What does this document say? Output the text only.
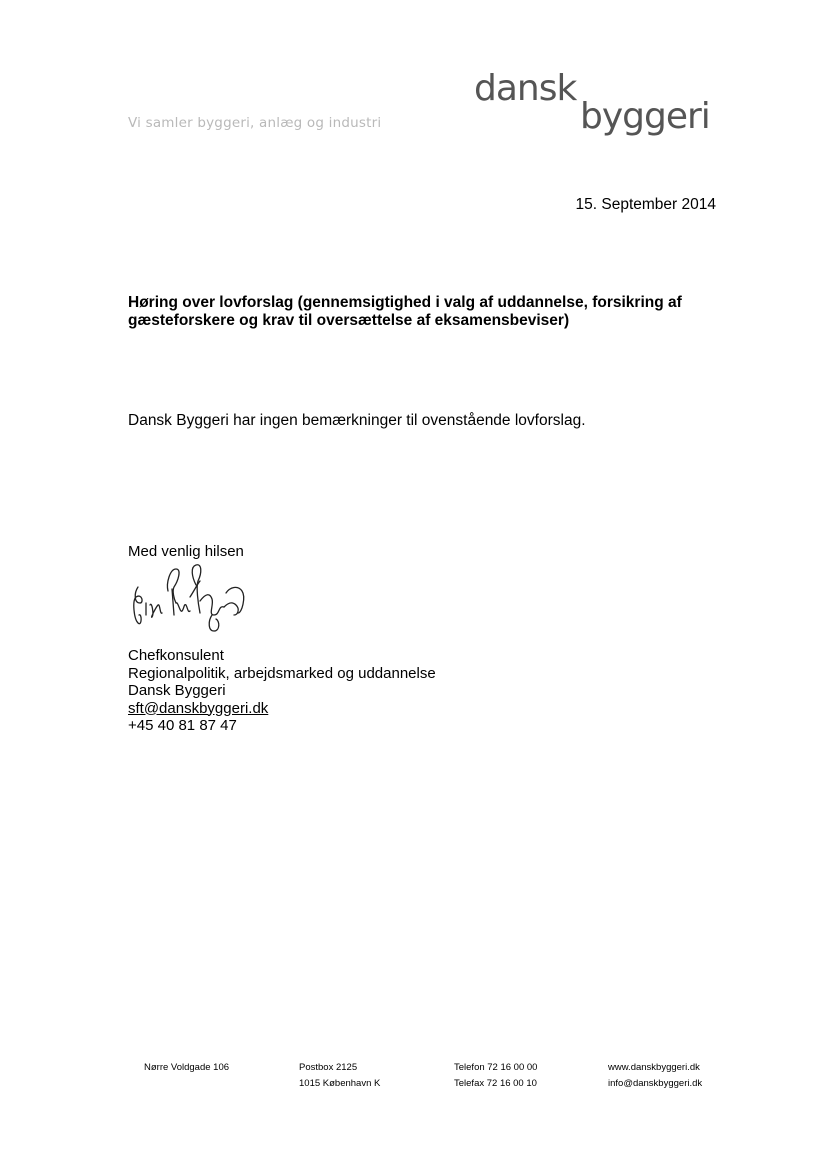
Vi samler byggeri, anlæg og industri
dansk
byggeri
15. September 2014
Høring over lovforslag (gennemsigtighed i valg af uddannelse, forsikring af gæsteforskere og krav til oversættelse af eksamensbeviser)
Dansk Byggeri har ingen bemærkninger til ovenstående lovforslag.
Med venlig hilsen
Chefkonsulent
Regionalpolitik, arbejdsmarked og uddannelse
Dansk Byggeri
sft@danskbyggeri.dk
+45 40 81 87 47
Nørre Voldgade 106	Postbox 2125
1015 København K
Telefon 72 16 00 00
Telefax 72 16 00 10
www.danskbyggeri.dk
info@danskbyggeri.dk
